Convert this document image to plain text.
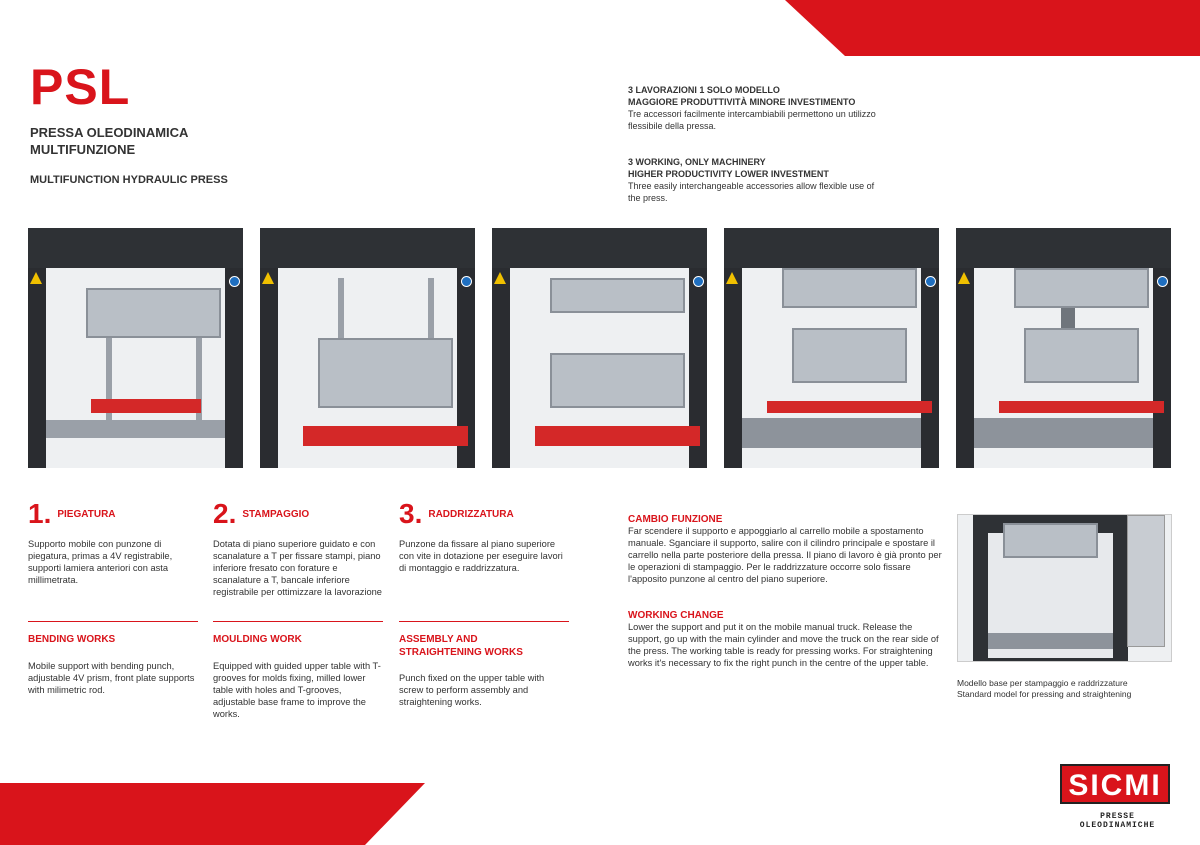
PSL
PRESSA OLEODINAMICA MULTIFUNZIONE
MULTIFUNCTION HYDRAULIC PRESS
3 LAVORAZIONI 1 SOLO MODELLO
MAGGIORE PRODUTTIVITÀ MINORE INVESTIMENTO
Tre accessori facilmente intercambiabili permettono un utilizzo flessibile della pressa.
3 WORKING, ONLY MACHINERY
HIGHER PRODUCTIVITY LOWER INVESTMENT
Three easily interchangeable accessories allow flexible use of the press.
1. PIEGATURA
Supporto mobile con punzone di piegatura, primas a 4V registrabile, supporti lamiera anteriori con asta millimetrata.
BENDING WORKS
Mobile support with bending punch, adjustable 4V prism, front plate supports with milimetric rod.
2. STAMPAGGIO
Dotata di piano superiore guidato e con scanalature a T per fissare stampi, piano inferiore fresato con forature e scanalature a T, bancale inferiore registrabile per ottimizzare la lavorazione
MOULDING WORK
Equipped with guided upper table with T-grooves for molds fixing, milled lower table with holes and T-grooves, adjustable base frame to improve the works.
3. RADDRIZZATURA
Punzone da fissare al piano superiore con vite in dotazione per eseguire lavori di montaggio e raddrizzatura.
ASSEMBLY AND STRAIGHTENING WORKS
Punch fixed on the upper table with screw to perform assembly and straightening works.
CAMBIO FUNZIONE
Far scendere il supporto e appoggiarlo al carrello mobile a spostamento manuale. Sganciare il supporto, salire con il cilindro principale e spostare il carrello nella parte posteriore della pressa. Il piano di lavoro è già pronto per le operazioni di stampaggio. Per le raddrizzature occorre solo fissare l'apposito punzone al centro del piano superiore.
WORKING CHANGE
Lower the support and put it on the mobile manual truck. Release the support, go up with the main cylinder and move the truck on the rear side of the press. The working table is ready for pressing works. For straightening works it's necessary to fix the right punch in the centre of the upper table.
Modello base per stampaggio e raddrizzature
Standard model for pressing and straightening
SICMI
PRESSE OLEODINAMICHE
